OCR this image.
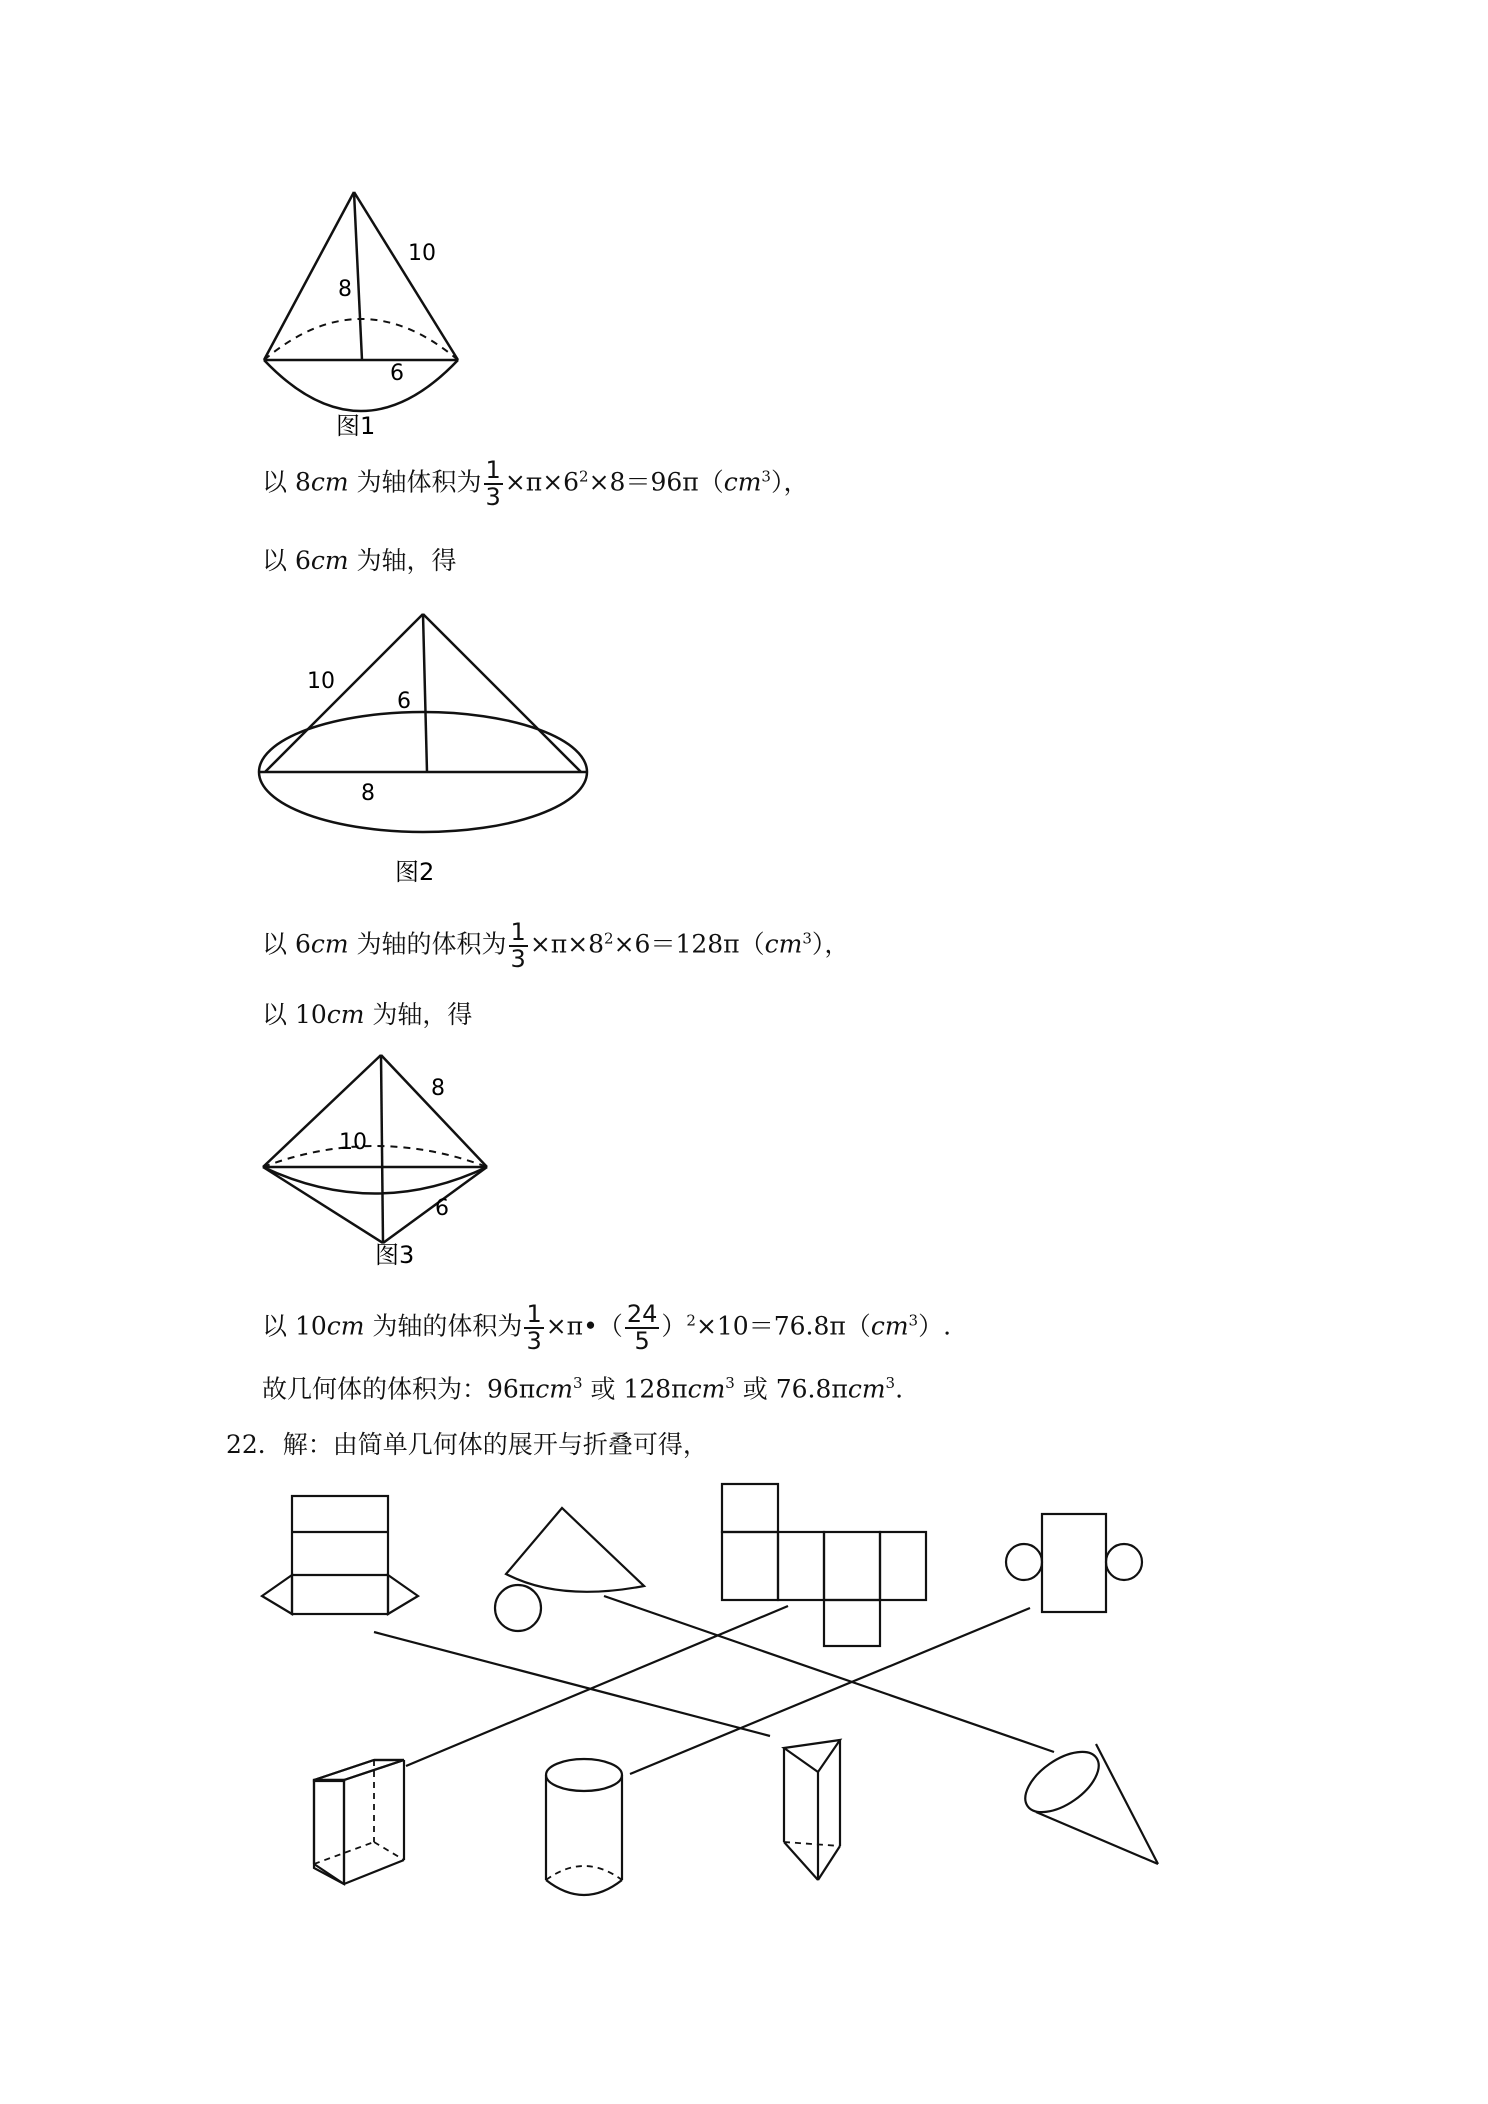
10
8
6
图1
以 8cm 为轴体积为 $\frac{1}{3} \times\pi\times 6^2\times 8=96\pi(cm^3)$，
以 6cm 为轴，得
10
6
8
图2
以 6cm 为轴的体积为 $\frac{1}{3} \times\pi\times 8^2\times 6=128\pi(cm^3)$，
以 10cm 为轴，得
8
10
6
图3
以 10cm 为轴的体积为 $\frac{1}{3}$ ×π•（ $\frac{24}{5} )^2\times 10=76.8\pi(cm^3)$.
故几何体的体积为：96πcm$^3$ 或 128πcm$^3$ 或 76.8πcm$^3$.
22．解：由简单几何体的展开与折叠可得，
